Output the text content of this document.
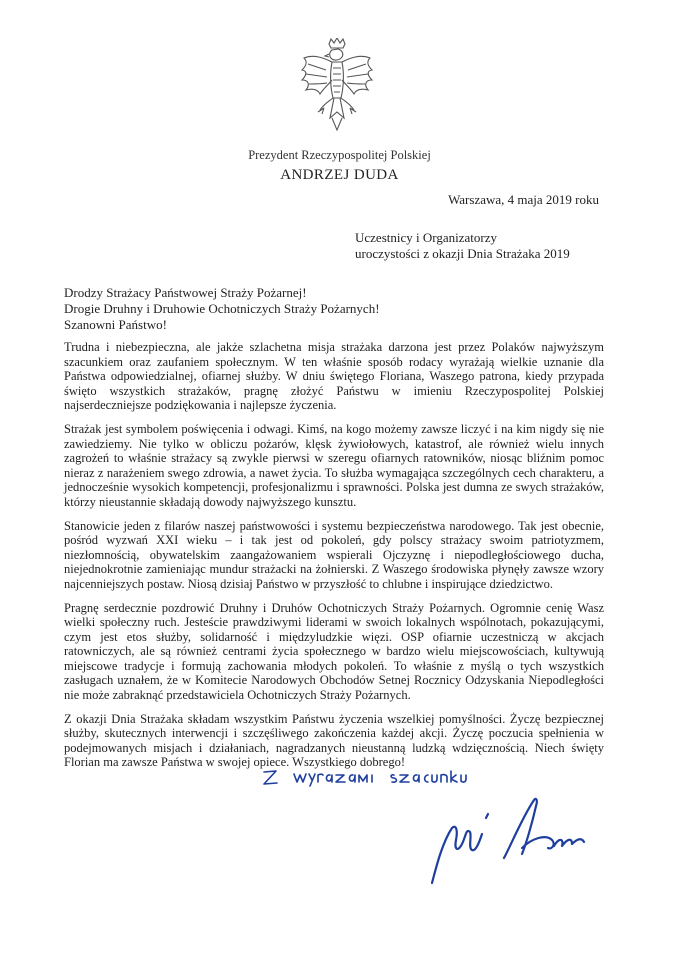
Prezydent Rzeczypospolitej Polskiej
ANDRZEJ DUDA
Warszawa, 4 maja 2019 roku
Uczestnicy i Organizatorzy
uroczystości z okazji Dnia Strażaka 2019
Drodzy Strażacy Państwowej Straży Pożarnej!
Drogie Druhny i Druhowie Ochotniczych Straży Pożarnych!
Szanowni Państwo!

Trudna i niebezpieczna, ale jakże szlachetna misja strażaka darzona jest przez Polaków najwyższym szacunkiem oraz zaufaniem społecznym. W ten właśnie sposób rodacy wyrażają wielkie uznanie dla Państwa odpowiedzialnej, ofiarnej służby. W dniu świętego Floriana, Waszego patrona, kiedy przypada święto wszystkich strażaków, pragnę złożyć Państwu w imieniu Rzeczypospolitej Polskiej najserdeczniejsze podziękowania i najlepsze życzenia.

Strażak jest symbolem poświęcenia i odwagi. Kimś, na kogo możemy zawsze liczyć i na kim nigdy się nie zawiedziemy. Nie tylko w obliczu pożarów, klęsk żywiołowych, katastrof, ale również wielu innych zagrożeń to właśnie strażacy są zwykle pierwsi w szeregu ofiarnych ratowników, niosąc bliźnim pomoc nieraz z narażeniem swego zdrowia, a nawet życia. To służba wymagająca szczególnych cech charakteru, a jednocześnie wysokich kompetencji, profesjonalizmu i sprawności. Polska jest dumna ze swych strażaków, którzy nieustannie składają dowody najwyższego kunsztu.

Stanowicie jeden z filarów naszej państwowości i systemu bezpieczeństwa narodowego. Tak jest obecnie, pośród wyzwań XXI wieku – i tak jest od pokoleń, gdy polscy strażacy swoim patriotyzmem, niezłomnością, obywatelskim zaangażowaniem wspierali Ojczyznę i niepodległościowego ducha, niejednokrotnie zamieniając mundur strażacki na żołnierski. Z Waszego środowiska płynęły zawsze wzory najcenniejszych postaw. Niosą dzisiaj Państwo w przyszłość to chlubne i inspirujące dziedzictwo.

Pragnę serdecznie pozdrowić Druhny i Druhów Ochotniczych Straży Pożarnych. Ogromnie cenię Wasz wielki społeczny ruch. Jesteście prawdziwymi liderami w swoich lokalnych wspólnotach, pokazującymi, czym jest etos służby, solidarność i międzyludzkie więzi. OSP ofiarnie uczestniczą w akcjach ratowniczych, ale są również centrami życia społecznego w bardzo wielu miejscowościach, kultywują miejscowe tradycje i formują zachowania młodych pokoleń. To właśnie z myślą o tych wszystkich zasługach uznałem, że w Komitecie Narodowych Obchodów Setnej Rocznicy Odzyskania Niepodległości nie może zabraknąć przedstawiciela Ochotniczych Straży Pożarnych.

Z okazji Dnia Strażaka składam wszystkim Państwu życzenia wszelkiej pomyślności. Życzę bezpiecznej służby, skutecznych interwencji i szczęśliwego zakończenia każdej akcji. Życzę poczucia spełnienia w podejmowanych misjach i działaniach, nagradzanych nieustanną ludzką wdzięcznością. Niech święty Florian ma zawsze Państwa w swojej opiece. Wszystkiego dobrego!
